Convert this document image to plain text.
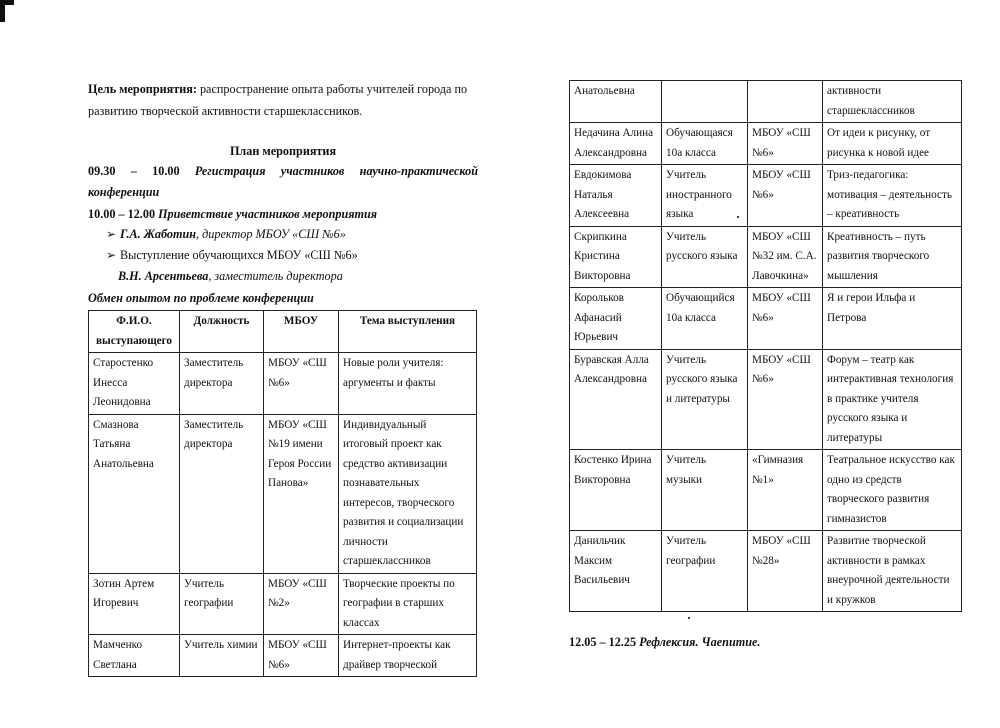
Цель мероприятия: распространение опыта работы учителей города по развитию творческой активности старшеклассников.
План мероприятия
09.30 – 10.00 Регистрация участников научно-практической конференции
10.00 – 12.00 Приветствие участников мероприятия
➢ Г.А. Жаботин, директор МБОУ «СШ №6»
➢ Выступление обучающихся МБОУ «СШ №6»
В.Н. Арсентьева, заместитель директора
Обмен опытом по проблеме конференции
Ф.И.О. выступающего	Должность	МБОУ	Тема выступления
Старостенко Инесса Леонидовна	Заместитель директора	МБОУ «СШ №6»	Новые роли учителя: аргументы и факты
Смазнова Татьяна Анатольевна	Заместитель директора	МБОУ «СШ №19 имени Героя России Панова»	Индивидуальный итоговый проект как средство активизации познавательных интересов, творческого развития и социализации личности старшеклассников
Зотин Артем Игоревич	Учитель географии	МБОУ «СШ №2»	Творческие проекты по географии в старших классах
Мамченко Светлана	Учитель химии	МБОУ «СШ №6»	Интернет-проекты как драйвер творческой
Анатольевна			активности старшеклассников
Недачина Алина Александровна	Обучающаяся 10а класса	МБОУ «СШ №6»	От идеи к рисунку, от рисунка к новой идее
Евдокимова Наталья Алексеевна	Учитель иностранного языка	МБОУ «СШ №6»	Триз-педагогика: мотивация – деятельность – креативность
Скрипкина Кристина Викторовна	Учитель русского языка	МБОУ «СШ №32 им. С.А. Лавочкина»	Креативность – путь развития творческого мышления
Корольков Афанасий Юрьевич	Обучающийся 10а класса	МБОУ «СШ №6»	Я и герои Ильфа и Петрова
Буравская Алла Александровна	Учитель русского языка и литературы	МБОУ «СШ №6»	Форум – театр как интерактивная технология в практике учителя русского языка и литературы
Костенко Ирина Викторовна	Учитель музыки	«Гимназия №1»	Театральное искусство как одно из средств творческого развития гимназистов
Данильчик Максим Васильевич	Учитель географии	МБОУ «СШ №28»	Развитие творческой активности в рамках внеурочной деятельности и кружков
12.05 – 12.25 Рефлексия. Чаепитие.
